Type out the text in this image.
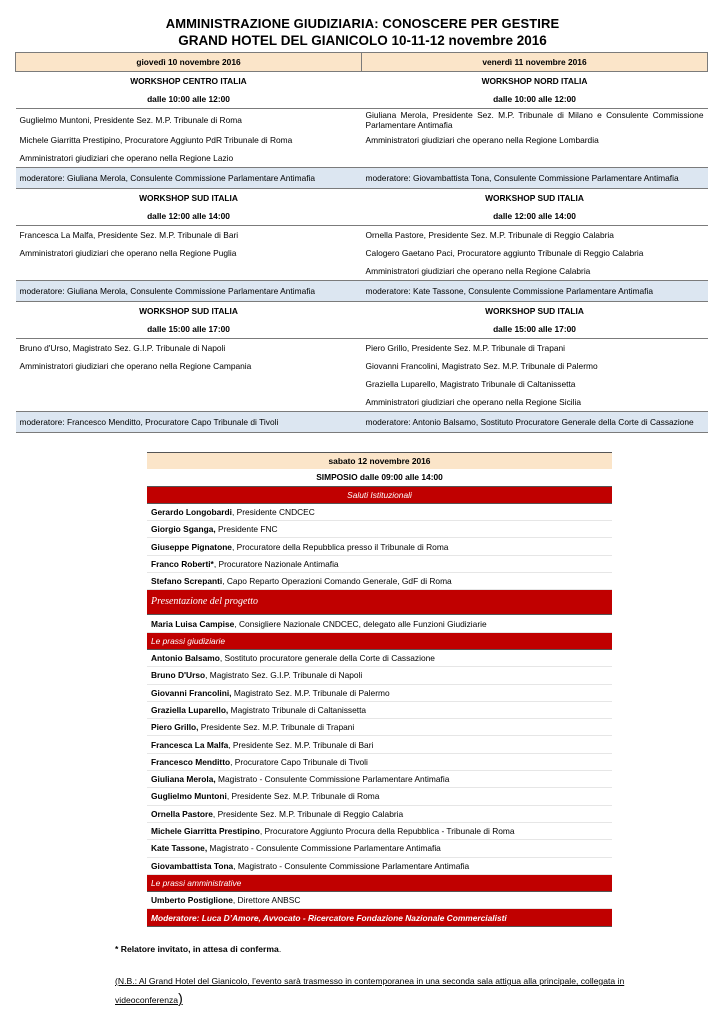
AMMINISTRAZIONE GIUDIZIARIA: CONOSCERE PER GESTIRE
GRAND HOTEL DEL GIANICOLO 10-11-12 novembre 2016
giovedì 10 novembre 2016	venerdì 11 novembre 2016
WORKSHOP CENTRO ITALIA	WORKSHOP NORD ITALIA
dalle 10:00 alle 12:00	dalle 10:00 alle 12:00
Guglielmo Muntoni, Presidente Sez. M.P. Tribunale di Roma	Giuliana Merola, Presidente Sez. M.P. Tribunale di Milano e Consulente Commissione Parlamentare Antimafia
Michele Giarritta Prestipino, Procuratore Aggiunto PdR Tribunale di Roma	Amministratori giudiziari che operano nella Regione Lombardia
Amministratori giudiziari che operano nella Regione Lazio	
moderatore: Giuliana Merola, Consulente Commissione Parlamentare Antimafia	moderatore: Giovambattista Tona, Consulente Commissione Parlamentare Antimafia
WORKSHOP SUD ITALIA	WORKSHOP SUD ITALIA
dalle 12:00 alle 14:00	dalle 12:00 alle 14:00
Francesca La Malfa, Presidente Sez. M.P. Tribunale di Bari	Ornella Pastore, Presidente Sez. M.P. Tribunale di Reggio Calabria
Amministratori giudiziari che operano nella Regione Puglia	Calogero Gaetano Paci, Procuratore aggiunto Tribunale di Reggio Calabria
	Amministratori giudiziari che operano nella Regione Calabria
moderatore: Giuliana Merola, Consulente Commissione Parlamentare Antimafia	moderatore: Kate Tassone, Consulente Commissione Parlamentare Antimafia
WORKSHOP SUD ITALIA	WORKSHOP SUD ITALIA
dalle 15:00 alle 17:00	dalle 15:00 alle 17:00
Bruno d'Urso, Magistrato Sez. G.I.P. Tribunale di Napoli	Piero Grillo, Presidente Sez. M.P. Tribunale di Trapani
Amministratori giudiziari che operano nella Regione Campania	Giovanni Francolini, Magistrato Sez. M.P. Tribunale di Palermo
	Graziella Luparello, Magistrato Tribunale di Caltanissetta
	Amministratori giudiziari che operano nella Regione Sicilia
moderatore: Francesco Menditto, Procuratore Capo Tribunale di Tivoli	moderatore: Antonio Balsamo, Sostituto Procuratore Generale della Corte di Cassazione
sabato 12 novembre 2016
SIMPOSIO dalle 09:00 alle 14:00
Saluti Istituzionali
Gerardo Longobardi, Presidente CNDCEC
Giorgio Sganga, Presidente FNC
Giuseppe Pignatone, Procuratore della Repubblica presso il Tribunale di Roma
Franco Roberti*, Procuratore Nazionale Antimafia
Stefano Screpanti, Capo Reparto Operazioni Comando Generale, GdF di Roma
Presentazione del progetto
Maria Luisa Campise, Consigliere Nazionale CNDCEC, delegato alle Funzioni Giudiziarie
Le prassi giudiziarie
Antonio Balsamo, Sostituto procuratore generale della Corte di Cassazione
Bruno D'Urso, Magistrato Sez. G.I.P. Tribunale di Napoli
Giovanni Francolini, Magistrato Sez. M.P. Tribunale di Palermo
Graziella Luparello, Magistrato Tribunale di Caltanissetta
Piero Grillo, Presidente Sez. M.P. Tribunale di Trapani
Francesca La Malfa, Presidente Sez. M.P. Tribunale di Bari
Francesco Menditto, Procuratore Capo Tribunale di Tivoli
Giuliana Merola, Magistrato - Consulente Commissione Parlamentare Antimafia
Guglielmo Muntoni, Presidente Sez. M.P. Tribunale di Roma
Ornella Pastore, Presidente Sez. M.P. Tribunale di Reggio Calabria
Michele Giarritta Prestipino, Procuratore Aggiunto Procura della Repubblica - Tribunale di Roma
Kate Tassone, Magistrato - Consulente Commissione Parlamentare Antimafia
Giovambattista Tona, Magistrato - Consulente Commissione Parlamentare Antimafia
Le prassi amministrative
Umberto Postiglione, Direttore ANBSC
Moderatore: Luca D’Amore, Avvocato - Ricercatore Fondazione Nazionale Commercialisti
* Relatore invitato, in attesa di conferma.
(N.B.: Al Grand Hotel del Gianicolo, l’evento sarà trasmesso in contemporanea in una seconda sala attigua alla principale, collegata in videoconferenza)
